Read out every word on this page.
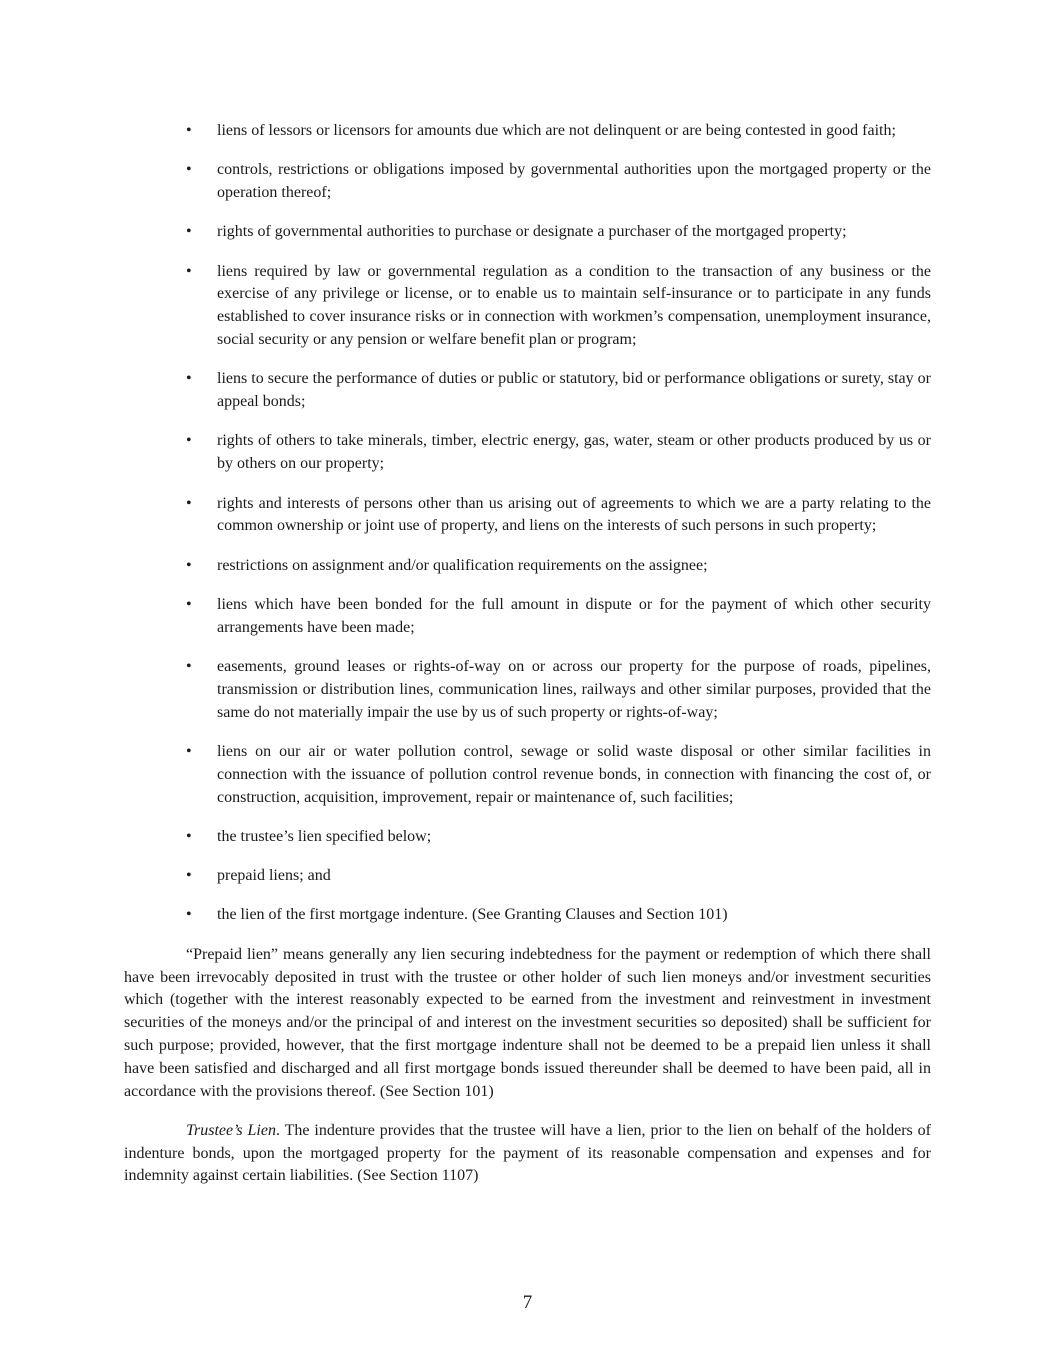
• liens of lessors or licensors for amounts due which are not delinquent or are being contested in good faith;
• controls, restrictions or obligations imposed by governmental authorities upon the mortgaged property or the operation thereof;
• rights of governmental authorities to purchase or designate a purchaser of the mortgaged property;
• liens required by law or governmental regulation as a condition to the transaction of any business or the exercise of any privilege or license, or to enable us to maintain self-insurance or to participate in any funds established to cover insurance risks or in connection with workmen’s compensation, unemployment insurance, social security or any pension or welfare benefit plan or program;
• liens to secure the performance of duties or public or statutory, bid or performance obligations or surety, stay or appeal bonds;
• rights of others to take minerals, timber, electric energy, gas, water, steam or other products produced by us or by others on our property;
• rights and interests of persons other than us arising out of agreements to which we are a party relating to the common ownership or joint use of property, and liens on the interests of such persons in such property;
• restrictions on assignment and/or qualification requirements on the assignee;
• liens which have been bonded for the full amount in dispute or for the payment of which other security arrangements have been made;
• easements, ground leases or rights-of-way on or across our property for the purpose of roads, pipelines, transmission or distribution lines, communication lines, railways and other similar purposes, provided that the same do not materially impair the use by us of such property or rights-of-way;
• liens on our air or water pollution control, sewage or solid waste disposal or other similar facilities in connection with the issuance of pollution control revenue bonds, in connection with financing the cost of, or construction, acquisition, improvement, repair or maintenance of, such facilities;
• the trustee’s lien specified below;
• prepaid liens; and
• the lien of the first mortgage indenture. (See Granting Clauses and Section 101)

“Prepaid lien” means generally any lien securing indebtedness for the payment or redemption of which there shall have been irrevocably deposited in trust with the trustee or other holder of such lien moneys and/or investment securities which (together with the interest reasonably expected to be earned from the investment and reinvestment in investment securities of the moneys and/or the principal of and interest on the investment securities so deposited) shall be sufficient for such purpose; provided, however, that the first mortgage indenture shall not be deemed to be a prepaid lien unless it shall have been satisfied and discharged and all first mortgage bonds issued thereunder shall be deemed to have been paid, all in accordance with the provisions thereof. (See Section 101)

Trustee’s Lien. The indenture provides that the trustee will have a lien, prior to the lien on behalf of the holders of indenture bonds, upon the mortgaged property for the payment of its reasonable compensation and expenses and for indemnity against certain liabilities. (See Section 1107)

7
